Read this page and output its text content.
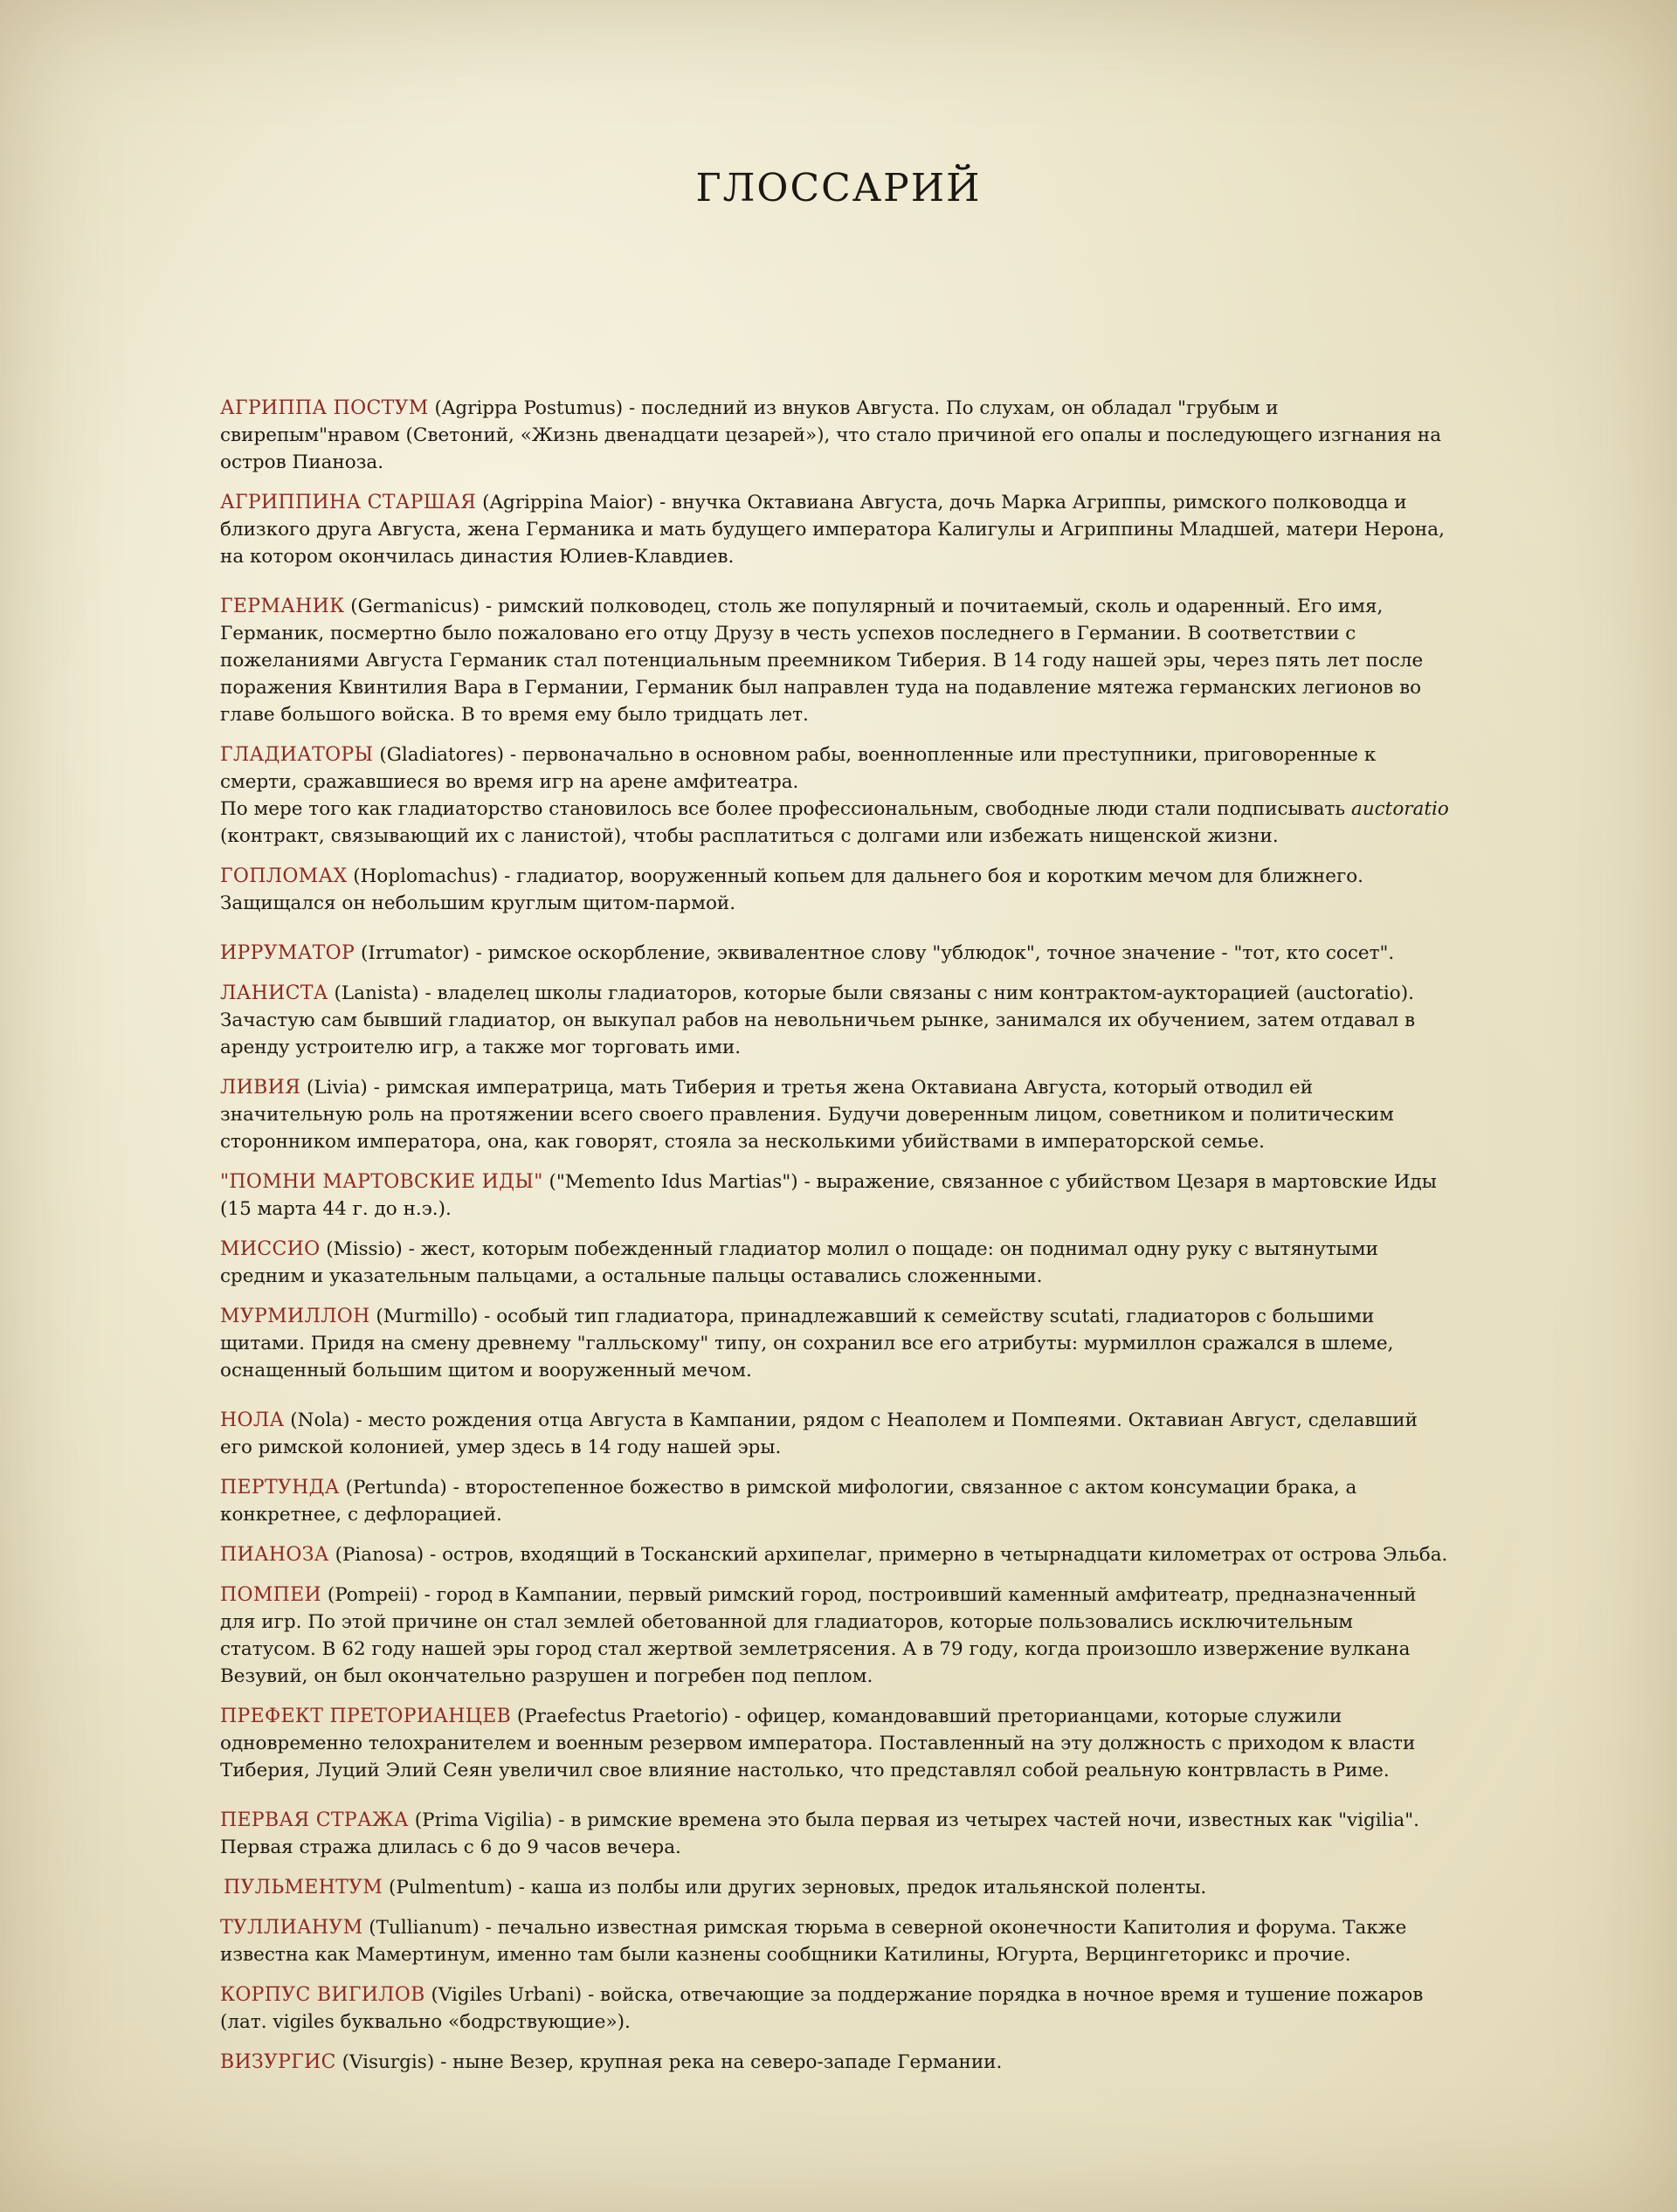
ГЛОССАРИЙ

АГРИППА ПОСТУМ (Agrippa Postumus) - последний из внуков Августа. По слухам, он обладал "грубым и свирепым"нравом (Светоний, «Жизнь двенадцати цезарей»), что стало причиной его опалы и последующего изгнания на остров Пианоза.

АГРИППИНА СТАРШАЯ (Agrippina Maior) - внучка Октавиана Августа, дочь Марка Агриппы, римского полководца и близкого друга Августа, жена Германика и мать будущего императора Калигулы и Агриппины Младшей, матери Нерона, на котором окончилась династия Юлиев-Клавдиев.

ГЕРМАНИК (Germanicus) - римский полководец, столь же популярный и почитаемый, сколь и одаренный. Его имя, Германик, посмертно было пожаловано его отцу Друзу в честь успехов последнего в Германии. В соответствии с пожеланиями Августа Германик стал потенциальным преемником Тиберия. В 14 году нашей эры, через пять лет после поражения Квинтилия Вара в Германии, Германик был направлен туда на подавление мятежа германских легионов во главе большого войска. В то время ему было тридцать лет.

ГЛАДИАТОРЫ (Gladiatores) - первоначально в основном рабы, военнопленные или преступники, приговоренные к смерти, сражавшиеся во время игр на арене амфитеатра.
По мере того как гладиаторство становилось все более профессиональным, свободные люди стали подписывать auctoratio (контракт, связывающий их с ланистой), чтобы расплатиться с долгами или избежать нищенской жизни.

ГОПЛОМАХ (Hoplomachus) - гладиатор, вооруженный копьем для дальнего боя и коротким мечом для ближнего. Защищался он небольшим круглым щитом-пармой.

ИРРУМАТОР (Irrumator) - римское оскорбление, эквивалентное слову "ублюдок", точное значение - "тот, кто сосет".

ЛАНИСТА (Lanista) - владелец школы гладиаторов, которые были связаны с ним контрактом-аукторацией (auctoratio). Зачастую сам бывший гладиатор, он выкупал рабов на невольничьем рынке, занимался их обучением, затем отдавал в аренду устроителю игр, а также мог торговать ими.

ЛИВИЯ (Livia) - римская императрица, мать Тиберия и третья жена Октавиана Августа, который отводил ей значительную роль на протяжении всего своего правления. Будучи доверенным лицом, советником и политическим сторонником императора, она, как говорят, стояла за несколькими убийствами в императорской семье.

"ПОМНИ МАРТОВСКИЕ ИДЫ" ("Memento Idus Martias") - выражение, связанное с убийством Цезаря в мартовские Иды (15 марта 44 г. до н.э.).

МИССИО (Missio) - жест, которым побежденный гладиатор молил о пощаде: он поднимал одну руку с вытянутыми средним и указательным пальцами, а остальные пальцы оставались сложенными.

МУРМИЛЛОН (Murmillo) - особый тип гладиатора, принадлежавший к семейству scutati, гладиаторов с большими щитами. Придя на смену древнему "галльскому" типу, он сохранил все его атрибуты: мурмиллон сражался в шлеме, оснащенный большим щитом и вооруженный мечом.

НОЛА (Nola) - место рождения отца Августа в Кампании, рядом с Неаполем и Помпеями. Октавиан Август, сделавший его римской колонией, умер здесь в 14 году нашей эры.

ПЕРТУНДА (Pertunda) - второстепенное божество в римской мифологии, связанное с актом консумации брака, а конкретнее, с дефлорацией.

ПИАНОЗА (Pianosa) - остров, входящий в Тосканский архипелаг, примерно в четырнадцати километрах от острова Эльба.

ПОМПЕИ (Pompeii) - город в Кампании, первый римский город, построивший каменный амфитеатр, предназначенный для игр. По этой причине он стал землей обетованной для гладиаторов, которые пользовались исключительным статусом. В 62 году нашей эры город стал жертвой землетрясения. А в 79 году, когда произошло извержение вулкана Везувий, он был окончательно разрушен и погребен под пеплом.

ПРЕФЕКТ ПРЕТОРИАНЦЕВ (Praefectus Praetorio) - офицер, командовавший преторианцами, которые служили одновременно телохранителем и военным резервом императора. Поставленный на эту должность с приходом к власти Тиберия, Луций Элий Сеян увеличил свое влияние настолько, что представлял собой реальную контрвласть в Риме.

ПЕРВАЯ СТРАЖА (Prima Vigilia) - в римские времена это была первая из четырех частей ночи, известных как "vigilia". Первая стража длилась с 6 до 9 часов вечера.

ПУЛЬМЕНТУМ (Pulmentum) - каша из полбы или других зерновых, предок итальянской поленты.

ТУЛЛИАНУМ (Tullianum) - печально известная римская тюрьма в северной оконечности Капитолия и форума. Также известна как Мамертинум, именно там были казнены сообщники Катилины, Югурта, Верцингеторикс и прочие.

КОРПУС ВИГИЛОВ (Vigiles Urbani) - войска, отвечающие за поддержание порядка в ночное время и тушение пожаров (лат. vigiles буквально «бодрствующие»).

ВИЗУРГИС (Visurgis) - ныне Везер, крупная река на северо-западе Германии.
